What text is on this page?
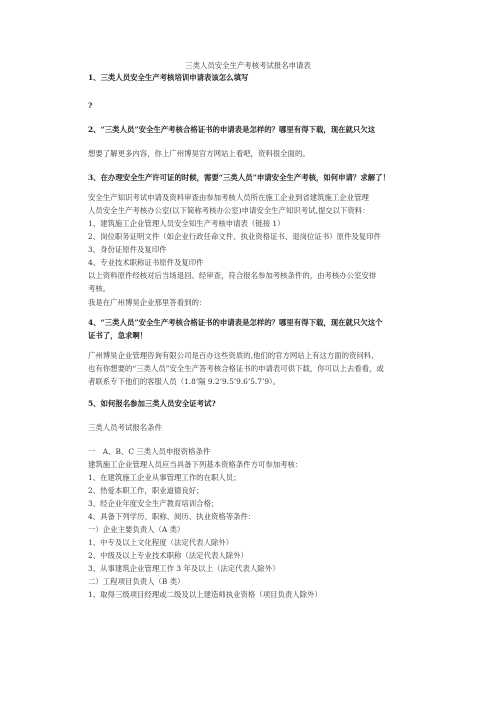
三类人员安全生产考核考试报名申请表
1、三类人员安全生产考核培训申请表该怎么填写
?
2、“三类人员”安全生产考核合格证书的申请表是怎样的？哪里有得下载，现在就只欠这
想要了解更多内容，你上广州博昊官方网站上看吧，资料很全面的。
3、在办理安全生产许可证的时候，需要“三类人员”申请安全生产考核，如何申请？求解了！
安全生产知识考试申请及资料审查由参加考核人员所在施工企业到省建筑施工企业管理
人员安全生产考核办公室(以下简称考核办公室)申请安全生产知识考试,提交以下资料：
1、建筑施工企业管理人员安全知生产考核申请表（链接 1）
2、岗位职务证明文件（如企业行政任命文件、执业资格证书、退岗位证书）原件及复印件
3、身份证原件及复印件
4、专业技术职称证书原件及复印件
以上资料原件经核对后当场退回。经审查，符合报名参加考核条件的，由考核办公室安排
考核。
我是在广州博昊企业那里答看到的：
4、“三类人员”安全生产考核合格证书的申请表是怎样的？哪里有得下载，现在就只欠这个
证书了，急求啊！
广州博昊企业管理咨询有限公司是百办这些资质的,他们的官方网站上有这方面的资问料,
也有你想要的“三类人员”安全生产答考核合格证书的申请表可供下载，你可以上去看看，或
者联系专下他们的客服人员（1.8’隔 9.2’9.5’9.6’5.7’9）。
5、如何报名参加三类人员安全证考试?
三类人员考试报名条件
一　A、B、C 三类人员申报资格条件
建筑施工企业管理人员应当具备下列基本资格条件方可参加考核：
1、在建筑施工企业从事管理工作的在职人员；
2、热爱本职工作，职业道德良好；
3、经企业年度安全生产教育培训合格；
4、具备下列学历、职称、阅历、执业资格等条件：
一）企业主要负责人（A 类）
1、中专及以上文化程度（法定代表人除外）
2、中级及以上专业技术职称（法定代表人除外）
3、从事建筑企业管理工作 3 年及以上（法定代表人除外）
二）工程项目负责人（B 类）
1、取得三级项目经理或二级及以上建造师执业资格（项目负责人除外）
